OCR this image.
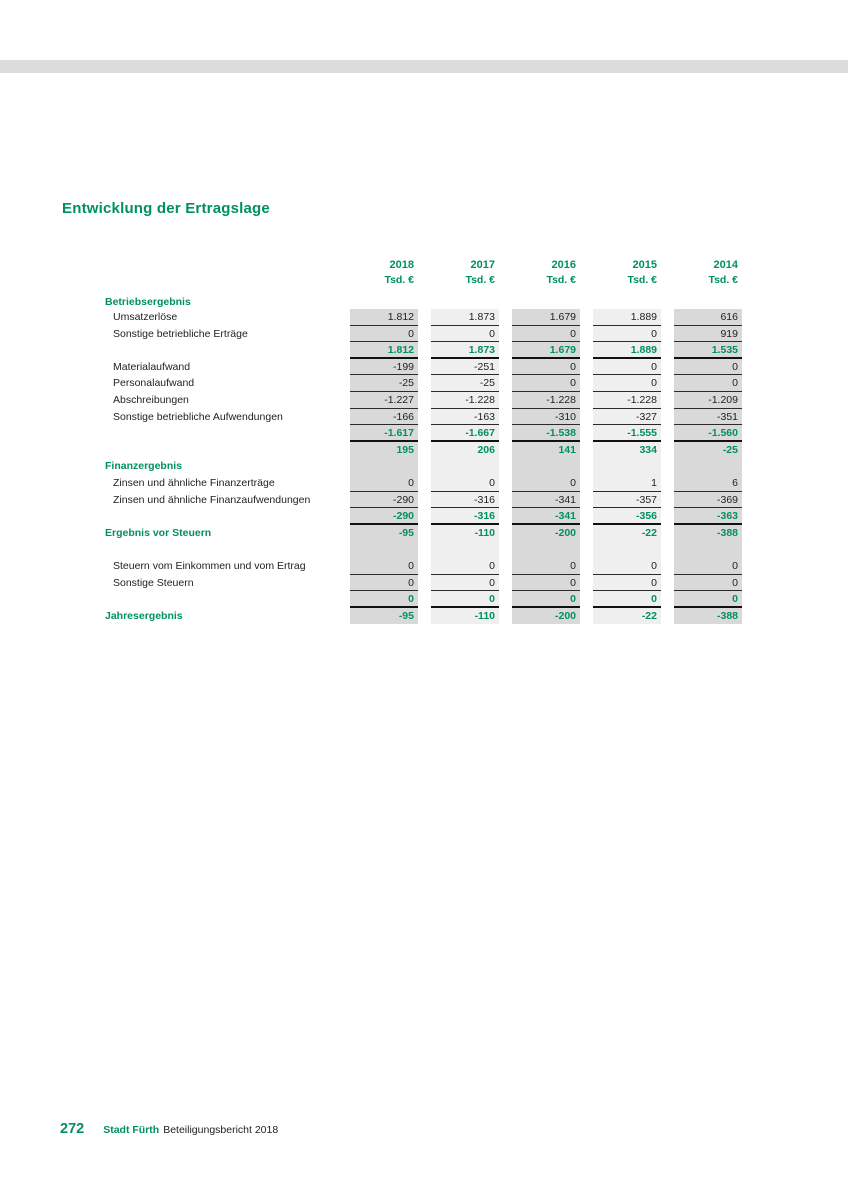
Entwicklung der Ertragslage
2018	2017	2016	2015	2014
Tsd. €	Tsd. €	Tsd. €	Tsd. €	Tsd. €
Betriebsergebnis
Umsatzerlöse	1.812	1.873	1.679	1.889	616
Sonstige betriebliche Erträge	0	0	0	0	919
1.812	1.873	1.679	1.889	1.535
Materialaufwand	-199	-251	0	0	0
Personalaufwand	-25	-25	0	0	0
Abschreibungen	-1.227	-1.228	-1.228	-1.228	-1.209
Sonstige betriebliche Aufwendungen	-166	-163	-310	-327	-351
-1.617	-1.667	-1.538	-1.555	-1.560
195	206	141	334	-25
Finanzergebnis
Zinsen und ähnliche Finanzerträge	0	0	0	1	6
Zinsen und ähnliche Finanzaufwendungen	-290	-316	-341	-357	-369
-290	-316	-341	-356	-363
Ergebnis vor Steuern	-95	-110	-200	-22	-388
Steuern vom Einkommen und vom Ertrag	0	0	0	0	0
Sonstige Steuern	0	0	0	0	0
0	0	0	0	0
Jahresergebnis	-95	-110	-200	-22	-388
272 Stadt Fürth Beteiligungsbericht 2018
